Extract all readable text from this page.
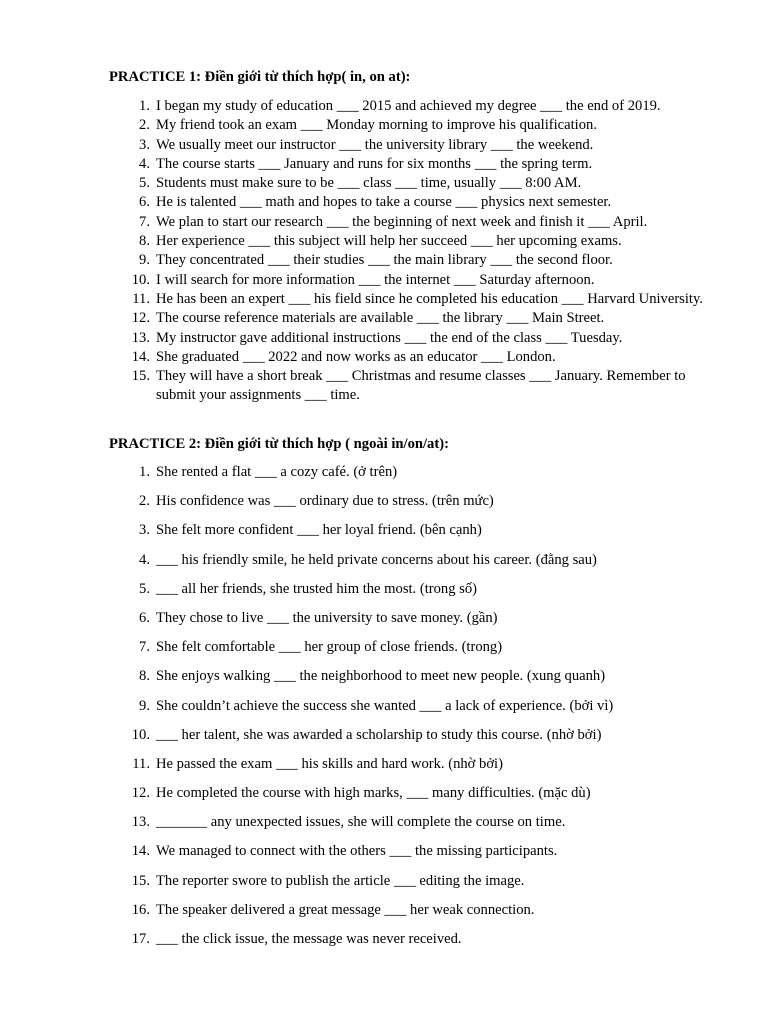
PRACTICE 1: Điền giới từ thích hợp( in, on at):
1. I began my study of education ___ 2015 and achieved my degree ___ the end of 2019.
2. My friend took an exam ___ Monday morning to improve his qualification.
3. We usually meet our instructor ___ the university library ___ the weekend.
4. The course starts ___ January and runs for six months ___ the spring term.
5. Students must make sure to be ___ class ___ time, usually ___ 8:00 AM.
6. He is talented ___ math and hopes to take a course ___ physics next semester.
7. We plan to start our research ___ the beginning of next week and finish it ___ April.
8. Her experience ___ this subject will help her succeed ___ her upcoming exams.
9. They concentrated ___ their studies ___ the main library ___ the second floor.
10. I will search for more information ___ the internet ___ Saturday afternoon.
11. He has been an expert ___ his field since he completed his education ___ Harvard University.
12. The course reference materials are available ___ the library ___ Main Street.
13. My instructor gave additional instructions ___ the end of the class ___ Tuesday.
14. She graduated ___ 2022 and now works as an educator ___ London.
15. They will have a short break ___ Christmas and resume classes ___ January. Remember to submit your assignments ___ time.
PRACTICE 2: Điền giới từ thích hợp ( ngoài in/on/at):
1. She rented a flat ___ a cozy café. (ở trên)
2. His confidence was ___ ordinary due to stress. (trên mức)
3. She felt more confident ___ her loyal friend. (bên cạnh)
4. ___ his friendly smile, he held private concerns about his career. (đằng sau)
5. ___ all her friends, she trusted him the most. (trong số)
6. They chose to live ___ the university to save money. (gần)
7. She felt comfortable ___ her group of close friends. (trong)
8. She enjoys walking ___ the neighborhood to meet new people. (xung quanh)
9. She couldn’t achieve the success she wanted ___ a lack of experience. (bởi vì)
10. ___ her talent, she was awarded a scholarship to study this course. (nhờ bởi)
11. He passed the exam ___ his skills and hard work. (nhờ bởi)
12. He completed the course with high marks, ___ many difficulties. (mặc dù)
13. _______ any unexpected issues, she will complete the course on time.
14. We managed to connect with the others ___ the missing participants.
15. The reporter swore to publish the article ___ editing the image.
16. The speaker delivered a great message ___ her weak connection.
17. ___ the click issue, the message was never received.
